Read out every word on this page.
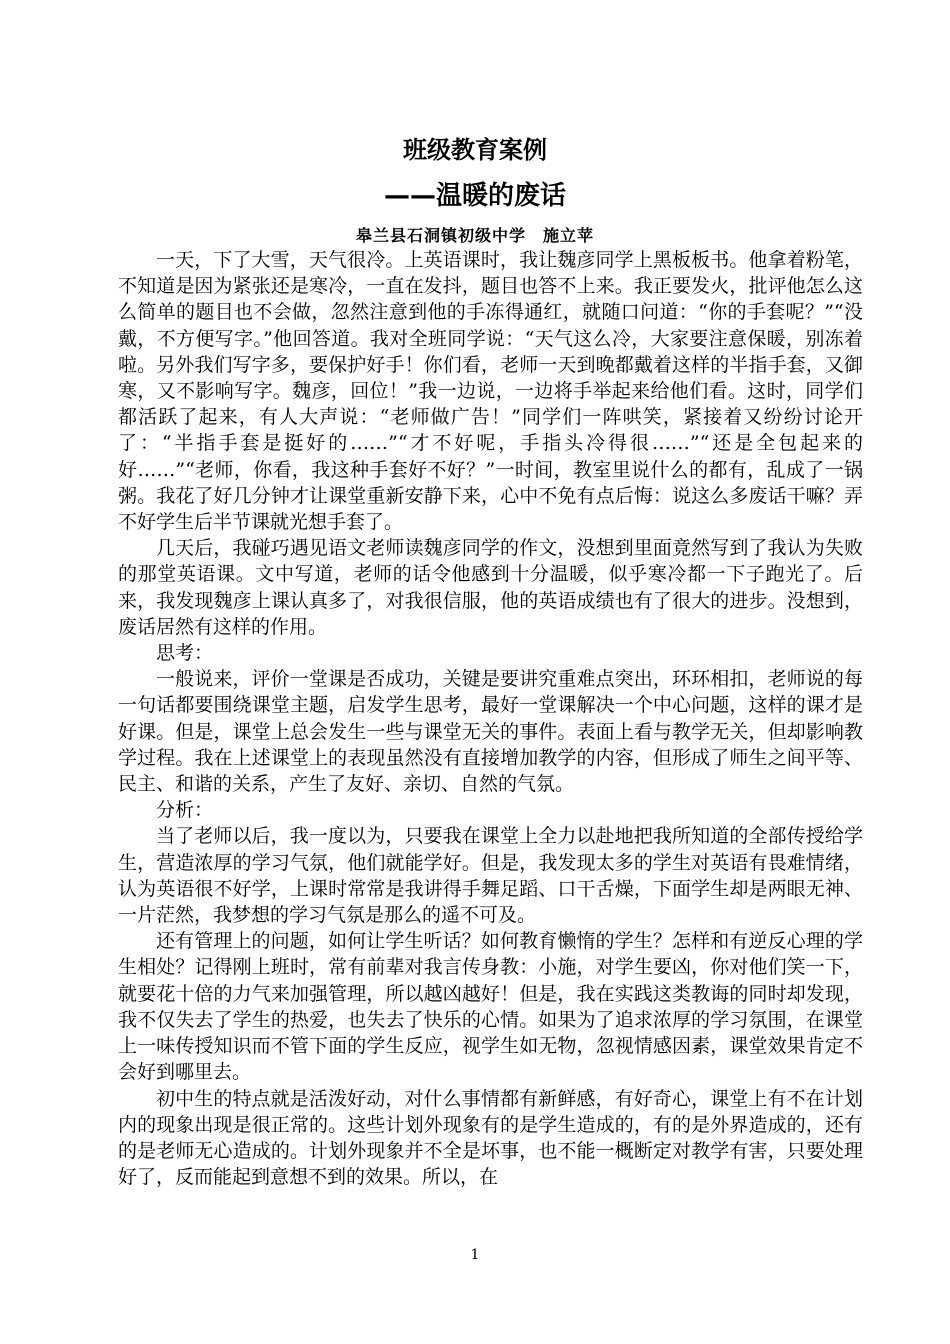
班级教育案例
——温暖的废话
皋兰县石洞镇初级中学　施立苹

一天，下了大雪，天气很冷。上英语课时，我让魏彦同学上黑板板书。他拿着粉笔，不知道是因为紧张还是寒冷，一直在发抖，题目也答不上来。我正要发火，批评他怎么这么简单的题目也不会做，忽然注意到他的手冻得通红，就随口问道：“你的手套呢？”“没戴，不方便写字。”他回答道。我对全班同学说：“天气这么冷，大家要注意保暖，别冻着啦。另外我们写字多，要保护好手！你们看，老师一天到晚都戴着这样的半指手套，又御寒，又不影响写字。魏彦，回位！”我一边说，一边将手举起来给他们看。这时，同学们都活跃了起来，有人大声说：“老师做广告！”同学们一阵哄笑，紧接着又纷纷讨论开了：“半指手套是挺好的……”“才不好呢，手指头冷得很……”“还是全包起来的好……”“老师，你看，我这种手套好不好？”一时间，教室里说什么的都有，乱成了一锅粥。我花了好几分钟才让课堂重新安静下来，心中不免有点后悔：说这么多废话干嘛？弄不好学生后半节课就光想手套了。

几天后，我碰巧遇见语文老师读魏彦同学的作文，没想到里面竟然写到了我认为失败的那堂英语课。文中写道，老师的话令他感到十分温暖，似乎寒冷都一下子跑光了。后来，我发现魏彦上课认真多了，对我很信服，他的英语成绩也有了很大的进步。没想到，废话居然有这样的作用。

思考：

一般说来，评价一堂课是否成功，关键是要讲究重难点突出，环环相扣，老师说的每一句话都要围绕课堂主题，启发学生思考，最好一堂课解决一个中心问题，这样的课才是好课。但是，课堂上总会发生一些与课堂无关的事件。表面上看与教学无关，但却影响教学过程。我在上述课堂上的表现虽然没有直接增加教学的内容，但形成了师生之间平等、民主、和谐的关系，产生了友好、亲切、自然的气氛。

分析：

当了老师以后，我一度以为，只要我在课堂上全力以赴地把我所知道的全部传授给学生，营造浓厚的学习气氛，他们就能学好。但是，我发现太多的学生对英语有畏难情绪，认为英语很不好学，上课时常常是我讲得手舞足蹈、口干舌燥，下面学生却是两眼无神、一片茫然，我梦想的学习气氛是那么的遥不可及。

还有管理上的问题，如何让学生听话？如何教育懒惰的学生？怎样和有逆反心理的学生相处？记得刚上班时，常有前辈对我言传身教：小施，对学生要凶，你对他们笑一下，就要花十倍的力气来加强管理，所以越凶越好！但是，我在实践这类教诲的同时却发现，我不仅失去了学生的热爱，也失去了快乐的心情。如果为了追求浓厚的学习氛围，在课堂上一味传授知识而不管下面的学生反应，视学生如无物，忽视情感因素，课堂效果肯定不会好到哪里去。

初中生的特点就是活泼好动，对什么事情都有新鲜感，有好奇心，课堂上有不在计划内的现象出现是很正常的。这些计划外现象有的是学生造成的，有的是外界造成的，还有的是老师无心造成的。计划外现象并不全是坏事，也不能一概断定对教学有害，只要处理好了，反而能起到意想不到的效果。所以，在

1
